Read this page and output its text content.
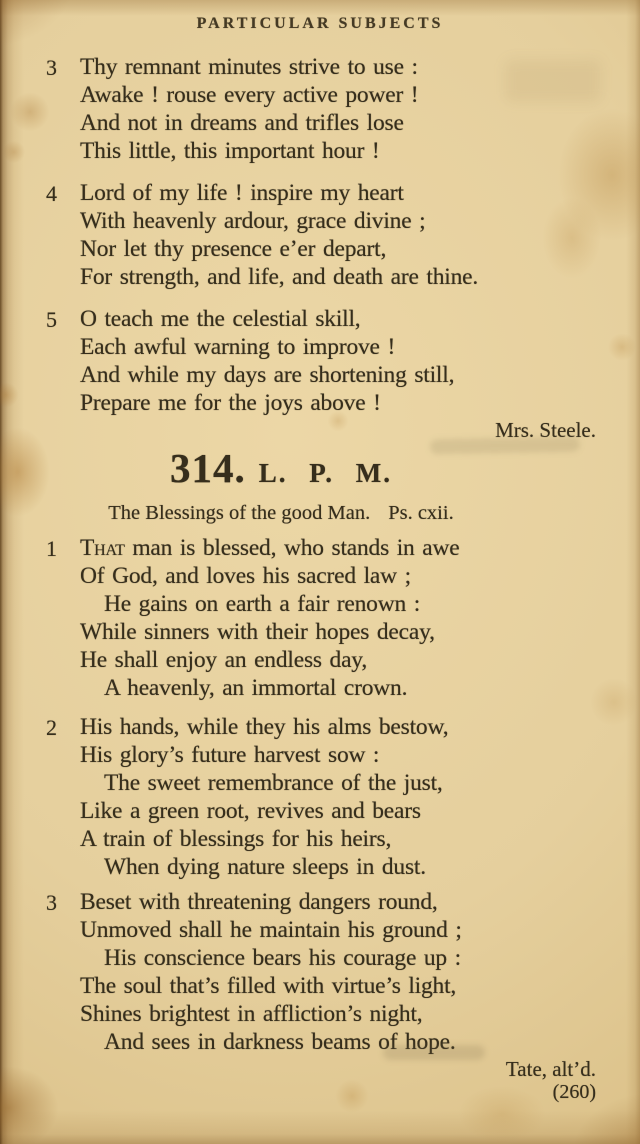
PARTICULAR SUBJECTS
3 Thy remnant minutes strive to use :
Awake ! rouse every active power !
And not in dreams and trifles lose
This little, this important hour !
4 Lord of my life ! inspire my heart
With heavenly ardour, grace divine ;
Nor let thy presence e’er depart,
For strength, and life, and death are thine.
5 O teach me the celestial skill,
Each awful warning to improve !
And while my days are shortening still,
Prepare me for the joys above !
Mrs. Steele.
314. L. P. M.
The Blessings of the good Man. Ps. cxii.
1 That man is blessed, who stands in awe
Of God, and loves his sacred law ;
He gains on earth a fair renown :
While sinners with their hopes decay,
He shall enjoy an endless day,
A heavenly, an immortal crown.
2 His hands, while they his alms bestow,
His glory’s future harvest sow :
The sweet remembrance of the just,
Like a green root, revives and bears
A train of blessings for his heirs,
When dying nature sleeps in dust.
3 Beset with threatening dangers round,
Unmoved shall he maintain his ground ;
His conscience bears his courage up :
The soul that’s filled with virtue’s light,
Shines brightest in affliction’s night,
And sees in darkness beams of hope.
Tate, alt’d.
(260)
